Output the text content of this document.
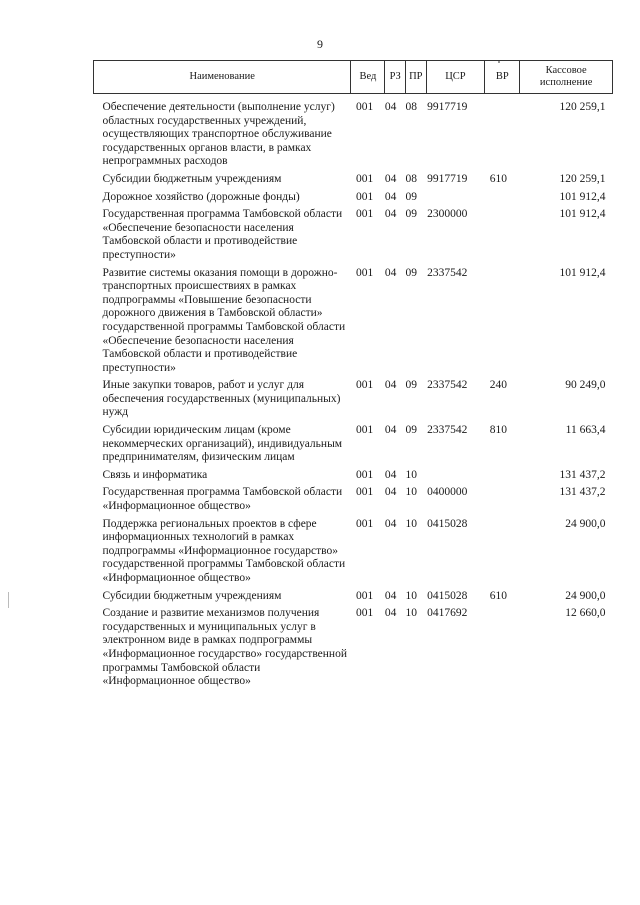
9
Наименование	Вед	РЗ	ПР	ЦСР	ВР	Кассовое исполнение
Обеспечение деятельности (выполнение услуг) областных государственных учреждений, осуществляющих транспортное обслуживание государственных органов власти, в рамках непрограммных расходов	001	04	08	9917719		120 259,1
Субсидии бюджетным учреждениям	001	04	08	9917719	610	120 259,1
Дорожное хозяйство (дорожные фонды)	001	04	09			101 912,4
Государственная программа Тамбовской области «Обеспечение безопасности населения Тамбовской области и противодействие преступности»	001	04	09	2300000		101 912,4
Развитие системы оказания помощи в дорожно-транспортных происшествиях в рамках подпрограммы «Повышение безопасности дорожного движения в Тамбовской области» государственной программы Тамбовской области «Обеспечение безопасности населения Тамбовской области и противодействие преступности»	001	04	09	2337542		101 912,4
Иные закупки товаров, работ и услуг для обеспечения государственных (муниципальных) нужд	001	04	09	2337542	240	90 249,0
Субсидии юридическим лицам (кроме некоммерческих организаций), индивидуальным предпринимателям, физическим лицам	001	04	09	2337542	810	11 663,4
Связь и информатика	001	04	10			131 437,2
Государственная программа Тамбовской области «Информационное общество»	001	04	10	0400000		131 437,2
Поддержка региональных проектов в сфере информационных технологий в рамках подпрограммы «Информационное государство» государственной программы Тамбовской области «Информационное общество»	001	04	10	0415028		24 900,0
Субсидии бюджетным учреждениям	001	04	10	0415028	610	24 900,0
Создание и развитие механизмов получения государственных и муниципальных услуг в электронном виде в рамках подпрограммы «Информационное государство» государственной программы Тамбовской области «Информационное общество»	001	04	10	0417692		12 660,0
